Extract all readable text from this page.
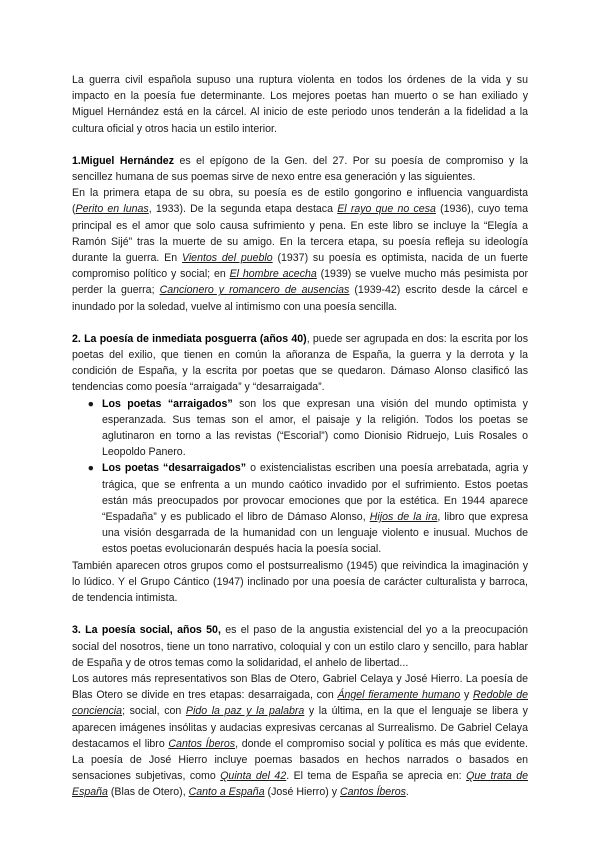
La guerra civil española supuso una ruptura violenta en todos los órdenes de la vida y su impacto en la poesía fue determinante. Los mejores poetas han muerto o se han exiliado y Miguel Hernández está en la cárcel. Al inicio de este periodo unos tenderán a la fidelidad a la cultura oficial y otros hacia un estilo interior.

1.Miguel Hernández es el epígono de la Gen. del 27. Por su poesía de compromiso y la sencillez humana de sus poemas sirve de nexo entre esa generación y las siguientes.

En la primera etapa de su obra, su poesía es de estilo gongorino e influencia vanguardista (Perito en lunas, 1933). De la segunda etapa destaca El rayo que no cesa (1936), cuyo tema principal es el amor que solo causa sufrimiento y pena. En este libro se incluye la “Elegía a Ramón Sijé” tras la muerte de su amigo. En la tercera etapa, su poesía refleja su ideología durante la guerra. En Vientos del pueblo (1937) su poesía es optimista, nacida de un fuerte compromiso político y social; en El hombre acecha (1939) se vuelve mucho más pesimista por perder la guerra; Cancionero y romancero de ausencias (1939-42) escrito desde la cárcel e inundado por la soledad, vuelve al intimismo con una poesía sencilla.

2. La poesía de inmediata posguerra (años 40), puede ser agrupada en dos: la escrita por los poetas del exilio, que tienen en común la añoranza de España, la guerra y la derrota y la condición de España, y la escrita por poetas que se quedaron. Dámaso Alonso clasificó las tendencias como poesía “arraigada” y “desarraigada”.

● Los poetas “arraigados” son los que expresan una visión del mundo optimista y esperanzada. Sus temas son el amor, el paisaje y la religión. Todos los poetas se aglutinaron en torno a las revistas (“Escorial”) como Dionisio Ridruejo, Luis Rosales o Leopoldo Panero.
● Los poetas “desarraigados” o existencialistas escriben una poesía arrebatada, agria y trágica, que se enfrenta a un mundo caótico invadido por el sufrimiento. Estos poetas están más preocupados por provocar emociones que por la estética. En 1944 aparece “Espadaña” y es publicado el libro de Dámaso Alonso, Hijos de la ira, libro que expresa una visión desgarrada de la humanidad con un lenguaje violento e inusual. Muchos de estos poetas evolucionarán después hacia la poesía social.

También aparecen otros grupos como el postsurrealismo (1945) que reivindica la imaginación y lo lúdico. Y el Grupo Cántico (1947) inclinado por una poesía de carácter culturalista y barroca, de tendencia intimista.

3. La poesía social, años 50, es el paso de la angustia existencial del yo a la preocupación social del nosotros, tiene un tono narrativo, coloquial y con un estilo claro y sencillo, para hablar de España y de otros temas como la solidaridad, el anhelo de libertad...

Los autores más representativos son Blas de Otero, Gabriel Celaya y José Hierro. La poesía de Blas Otero se divide en tres etapas: desarraigada, con Ángel fieramente humano y Redoble de conciencia; social, con Pido la paz y la palabra y la última, en la que el lenguaje se libera y aparecen imágenes insólitas y audacias expresivas cercanas al Surrealismo. De Gabriel Celaya destacamos el libro Cantos Íberos, donde el compromiso social y política es más que evidente. La poesía de José Hierro incluye poemas basados en hechos narrados o basados en sensaciones subjetivas, como Quinta del 42. El tema de España se aprecia en: Que trata de España (Blas de Otero), Canto a España (José Hierro) y Cantos Íberos.
